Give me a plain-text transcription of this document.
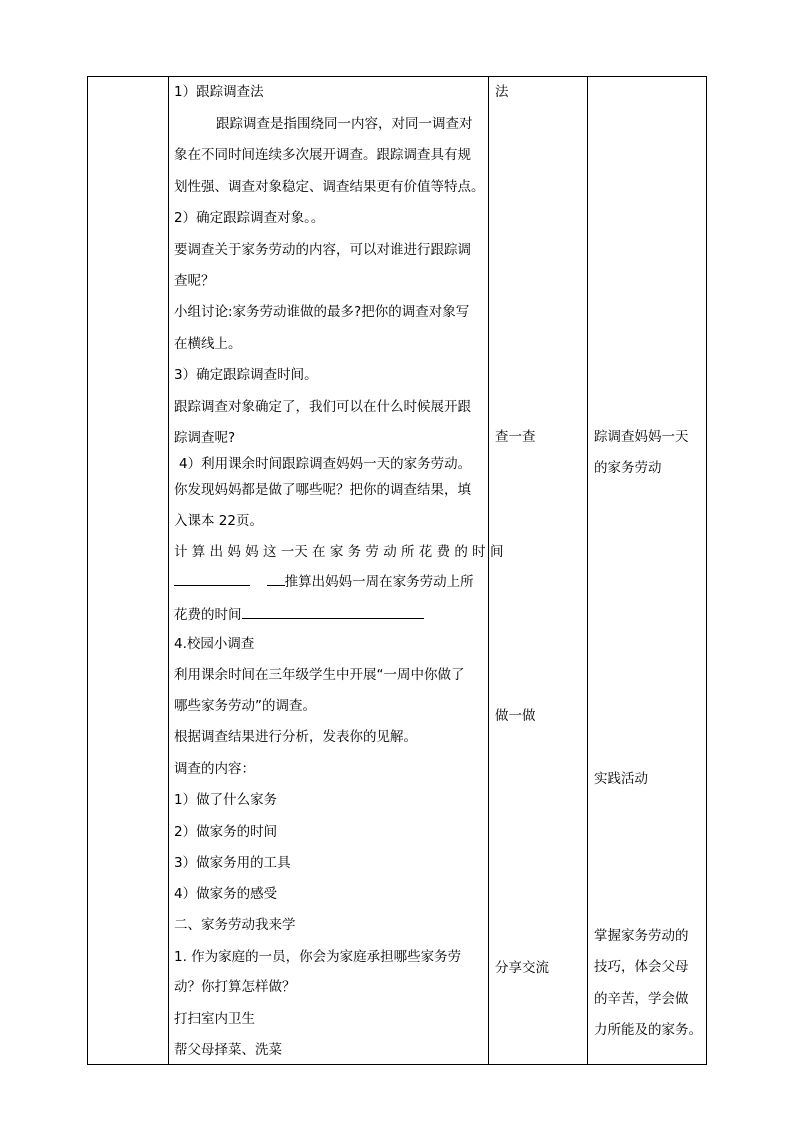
1）跟踪调查法
跟踪调查是指围绕同一内容，对同一调查对
象在不同时间连续多次展开调查。跟踪调查具有规
划性强、调查对象稳定、调查结果更有价值等特点。
2）确定跟踪调查对象。。
要调查关于家务劳动的内容，可以对谁进行跟踪调
查呢？
小组讨论:家务劳动谁做的最多?把你的调查对象写
在横线上。
3）确定跟踪调查时间。
跟踪调查对象确定了，我们可以在什么时候展开跟
踪调查呢?
4）利用课余时间跟踪调查妈妈一天的家务劳动。
你发现妈妈都是做了哪些呢？把你的调查结果，填
入课本 22页。
计 算 出 妈 妈 这 一天 在 家 务 劳 动 所 花 费 的 时 间
推算出妈妈一周在家务劳动上所
花费的时间
4.校园小调查
利用课余时间在三年级学生中开展“一周中你做了
哪些家务劳动”的调查。
根据调查结果进行分析，发表你的见解。
调查的内容：
1）做了什么家务
2）做家务的时间
3）做家务用的工具
4）做家务的感受
二、家务劳动我来学
1. 作为家庭的一员，你会为家庭承担哪些家务劳
动？你打算怎样做？
打扫室内卫生
帮父母择菜、洗菜
法
查一查
做一做
分享交流
踪调查妈妈一天
的家务劳动
实践活动
掌握家务劳动的
技巧，体会父母
的辛苦，学会做
力所能及的家务。
